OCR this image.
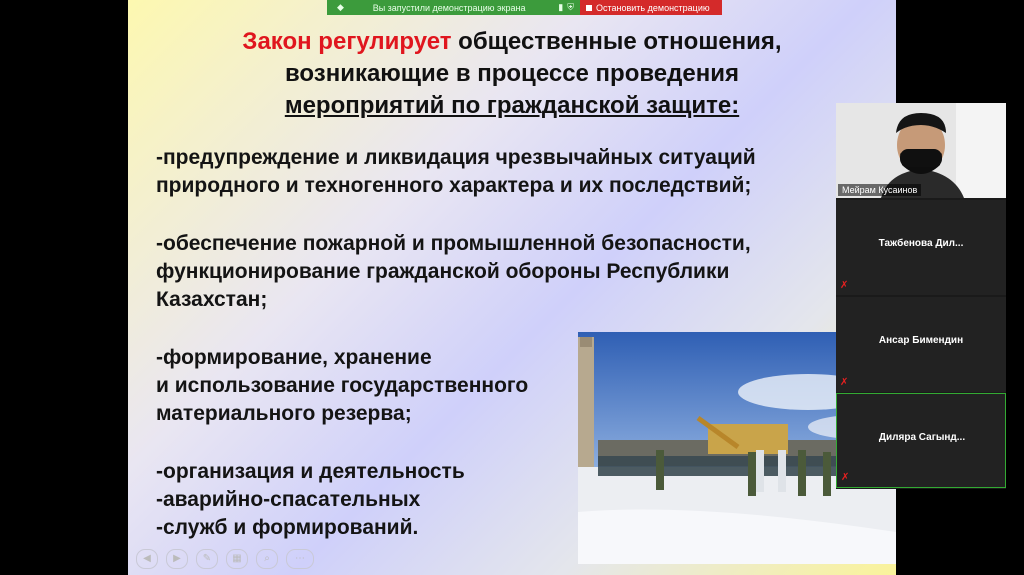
Закон регулирует общественные отношения,
возникающие в процессе проведения
мероприятий по гражданской защите:

-предупреждение и ликвидация чрезвычайных ситуаций
природного и техногенного характера и их последствий;

-обеспечение пожарной и промышленной безопасности,
функционирование гражданской обороны Республики
Казахстан;

-формирование, хранение
и использование государственного
материального резерва;

-организация и деятельность
-аварийно-спасательных
-служб и формирований.

◀	▶	✎	▦	⌕	⋯
◆	Вы запустили демонстрацию экрана	▮ ⛨ Остановить демонстрацию
Мейрам Кусаинов
Тажбенова Дил...
✗
Ансар Бимендин
✗
Диляра Сагынд...
✗
